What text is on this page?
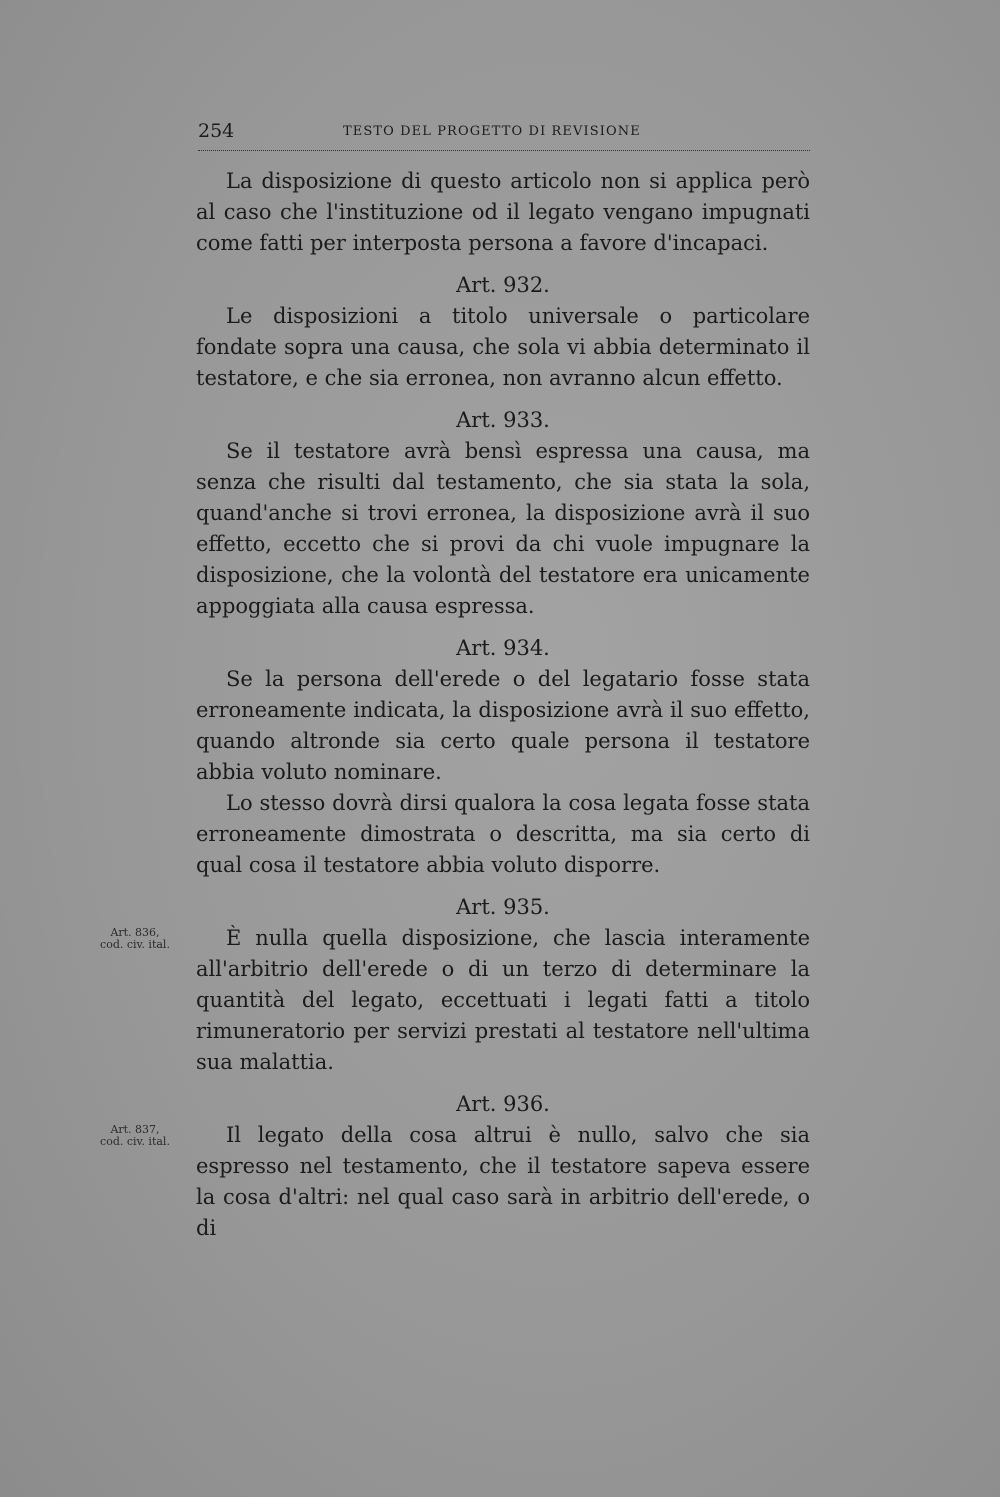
254	TESTO DEL PROGETTO DI REVISIONE

La disposizione di questo articolo non si applica però al caso che l'instituzione od il legato vengano impugnati come fatti per interposta persona a favore d'incapaci.

Art. 932.

Le disposizioni a titolo universale o particolare fondate sopra una causa, che sola vi abbia determinato il testatore, e che sia erronea, non avranno alcun effetto.

Art. 933.

Se il testatore avrà bensì espressa una causa, ma senza che risulti dal testamento, che sia stata la sola, quand'anche si trovi erronea, la disposizione avrà il suo effetto, eccetto che si provi da chi vuole impugnare la disposizione, che la volontà del testatore era unicamente appoggiata alla causa espressa.

Art. 934.

Se la persona dell'erede o del legatario fosse stata erroneamente indicata, la disposizione avrà il suo effetto, quando altronde sia certo quale persona il testatore abbia voluto nominare.

Lo stesso dovrà dirsi qualora la cosa legata fosse stata erroneamente dimostrata o descritta, ma sia certo di qual cosa il testatore abbia voluto disporre.

Art. 935.

È nulla quella disposizione, che lascia interamente all'arbitrio dell'erede o di un terzo di determinare la quantità del legato, eccettuati i legati fatti a titolo rimuneratorio per servizi prestati al testatore nell'ultima sua malattia.

Art. 936.

Il legato della cosa altrui è nullo, salvo che sia espresso nel testamento, che il testatore sapeva essere la cosa d'altri: nel qual caso sarà in arbitrio dell'erede, o di

Art. 836,
cod. civ. ital.
Art. 837,
cod. civ. ital.
